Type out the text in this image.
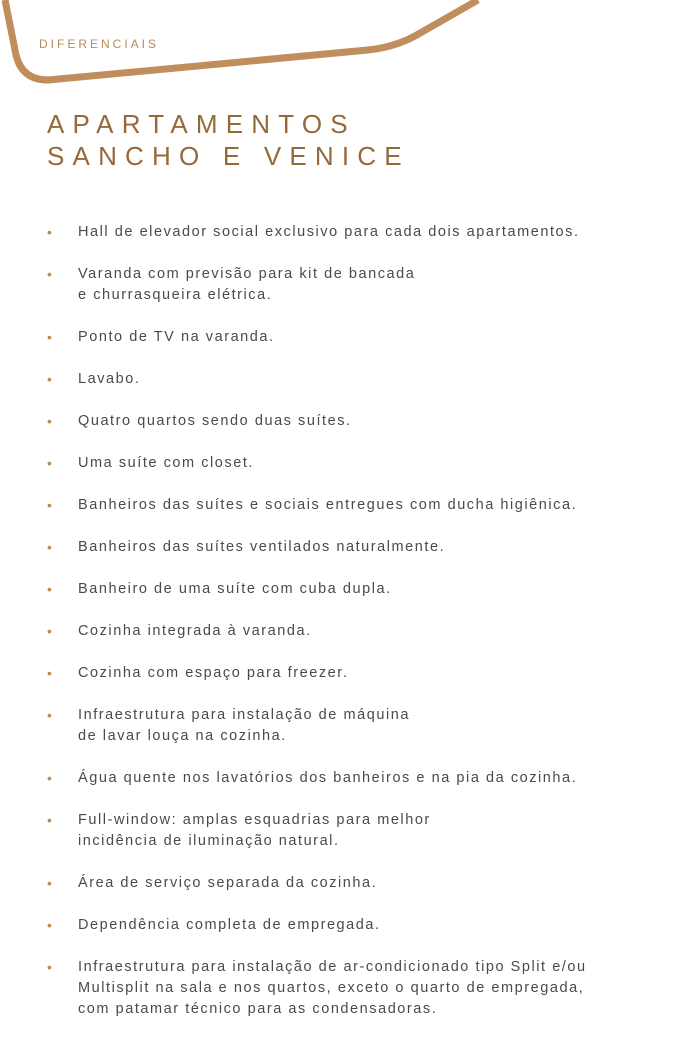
DIFERENCIAIS
APARTAMENTOS
SANCHO E VENICE
• Hall de elevador social exclusivo para cada dois apartamentos.
• Varanda com previsão para kit de bancada
e churrasqueira elétrica.
• Ponto de TV na varanda.
• Lavabo.
• Quatro quartos sendo duas suítes.
• Uma suíte com closet.
• Banheiros das suítes e sociais entregues com ducha higiênica.
• Banheiros das suítes ventilados naturalmente.
• Banheiro de uma suíte com cuba dupla.
• Cozinha integrada à varanda.
• Cozinha com espaço para freezer.
• Infraestrutura para instalação de máquina
de lavar louça na cozinha.
• Água quente nos lavatórios dos banheiros e na pia da cozinha.
• Full-window: amplas esquadrias para melhor
incidência de iluminação natural.
• Área de serviço separada da cozinha.
• Dependência completa de empregada.
• Infraestrutura para instalação de ar-condicionado tipo Split e/ou
Multisplit na sala e nos quartos, exceto o quarto de empregada,
com patamar técnico para as condensadoras.
